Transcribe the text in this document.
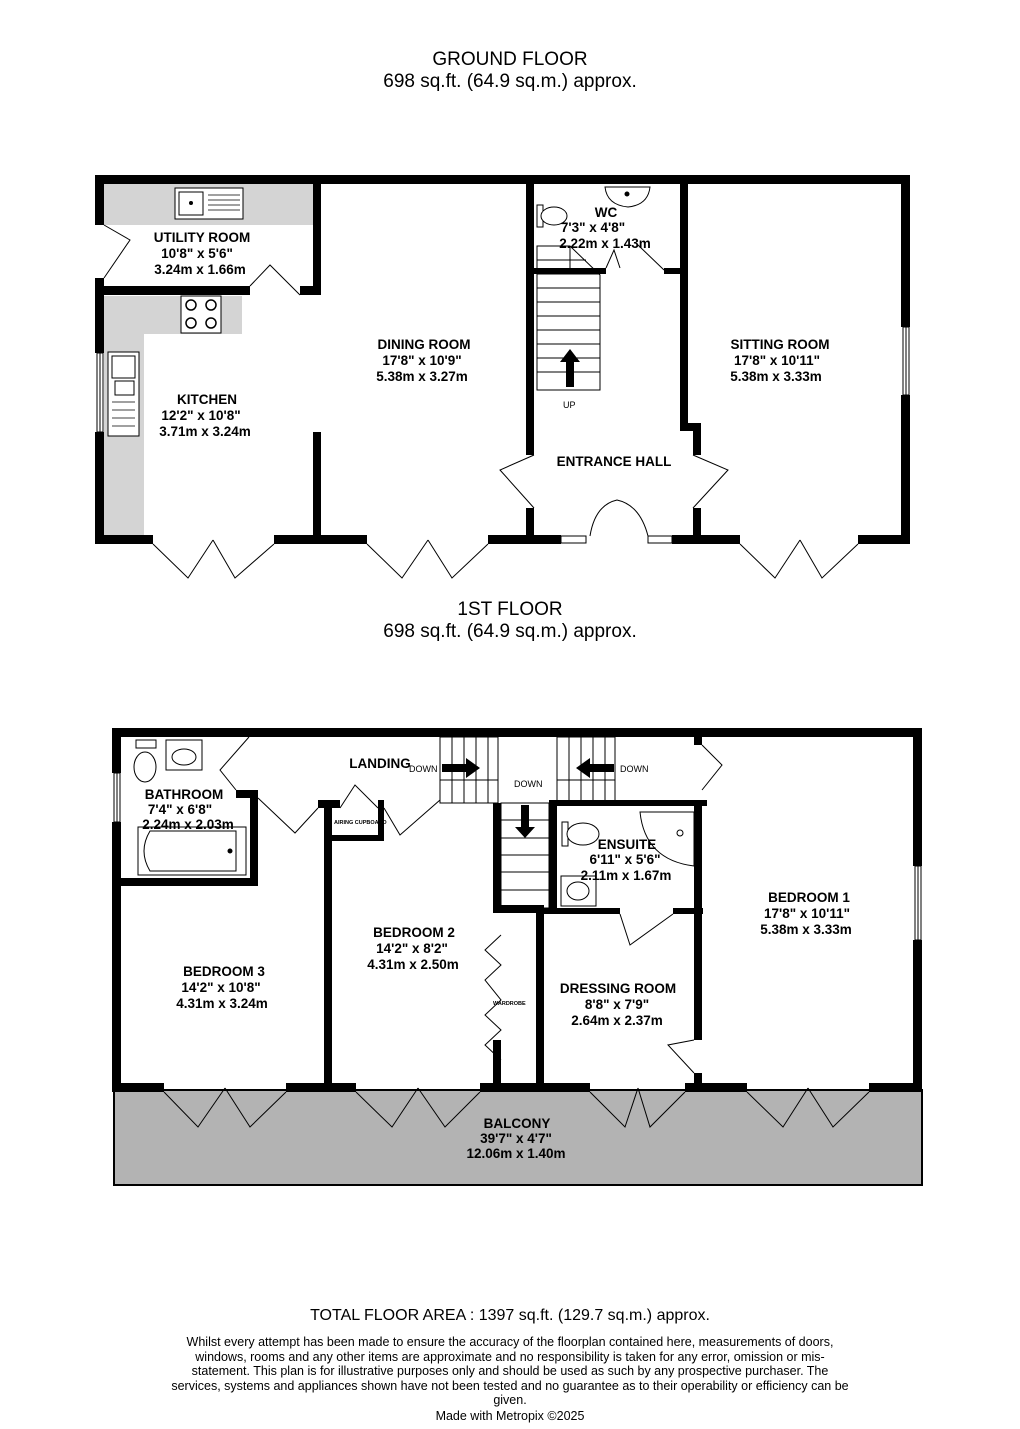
GROUND FLOOR
698 sq.ft. (64.9 sq.m.) approx.
1ST FLOOR
698 sq.ft. (64.9 sq.m.) approx.
UP
UTILITY ROOM
10'8" x 5'6"
3.24m x 1.66m
KITCHEN
12'2" x 10'8"
3.71m x 3.24m
DINING ROOM
17'8" x 10'9"
5.38m x 3.27m
WC
7'3" x 4'8"
2.22m x 1.43m
SITTING ROOM
17'8" x 10'11"
5.38m x 3.33m
ENTRANCE HALL
DOWN
DOWN
DOWN
AIRING CUPBOARD
WARDROBE
BATHROOM
7'4" x 6'8"
2.24m x 2.03m
LANDING
BEDROOM 3
14'2" x 10'8"
4.31m x 3.24m
BEDROOM 2
14'2" x 8'2"
4.31m x 2.50m
ENSUITE
6'11" x 5'6"
2.11m x 1.67m
DRESSING ROOM
8'8" x 7'9"
2.64m x 2.37m
BEDROOM 1
17'8" x 10'11"
5.38m x 3.33m
BALCONY
39'7" x 4'7"
12.06m x 1.40m
TOTAL FLOOR AREA : 1397 sq.ft. (129.7 sq.m.) approx.
Whilst every attempt has been made to ensure the accuracy of the floorplan contained here, measurements of doors, windows, rooms and any other items are approximate and no responsibility is taken for any error, omission or mis-statement. This plan is for illustrative purposes only and should be used as such by any prospective purchaser. The services, systems and appliances shown have not been tested and no guarantee as to their operability or efficiency can be given.
Made with Metropix ©2025
